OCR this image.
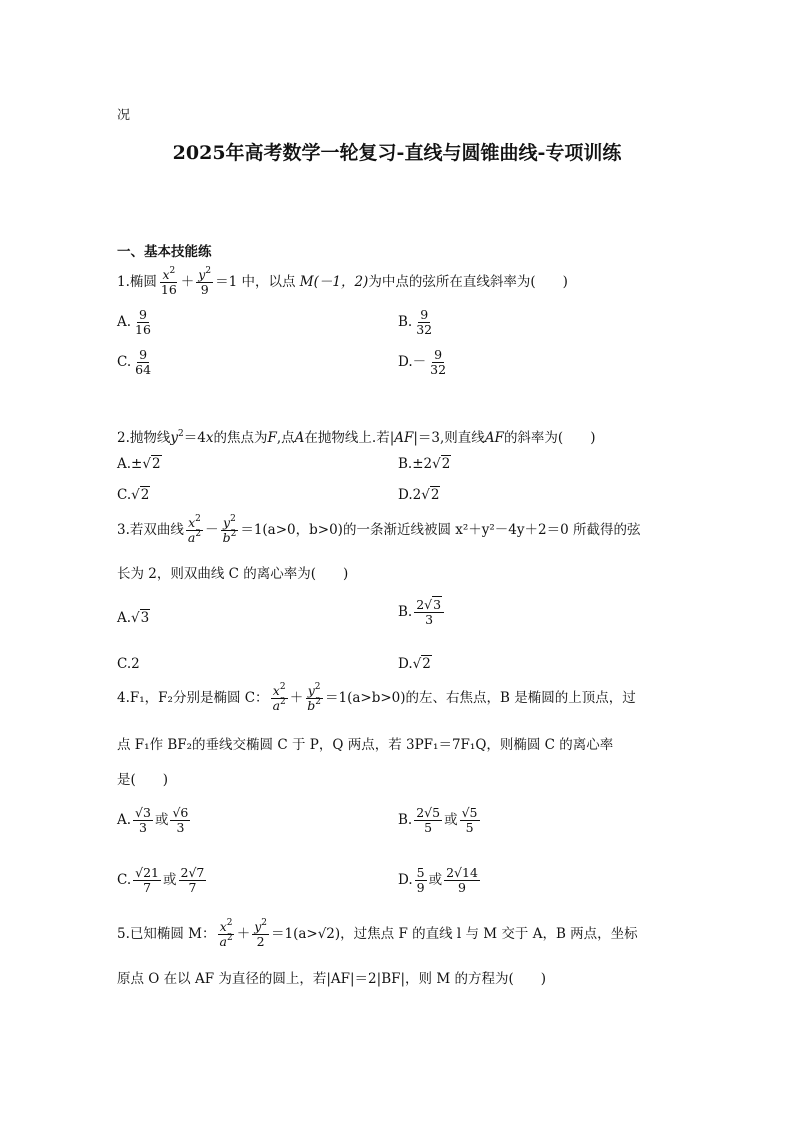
况
2025年高考数学一轮复习-直线与圆锥曲线-专项训练
一、基本技能练
1.椭圆 $\frac{x^2}{16} + \frac{y^2}{9} =1$ 中，以点 M(－1，2)为中点的弦所在直线斜率为(　　)
A. $\frac{9}{16}$	B. $\frac{9}{32}$
C. $\frac{9}{64}$	$D.- \frac{9}{32}$
2.抛物线$y^2=4x$的焦点为F,点A在抛物线上.若|AF|＝3,则直线AF的斜率为(　　)
A.±√2	B.±2√2
C.√2	D.2√2
3.若双曲线 $\frac{x^2}{a^2} - \frac{y^2}{b^2} =1(a>0$，b>0)的一条渐近线被圆 x²＋y²－4y＋2＝0 所截得的弦
长为 2，则双曲线 C 的离心率为(　　)
A.√3	B. $\frac{2√3}{3}$
C.2	D.√2
4.F₁，F₂分别是椭圆 C： $\frac{x^2}{a^2} + \frac{y^2}{b^2} =1(a>b>0)$的左、右焦点，B 是椭圆的上顶点，过
点 F₁作 BF₂的垂线交椭圆 C 于 P，Q 两点，若 3PF₁＝7F₁Q，则椭圆 C 的离心率
是(　　)
A. $\frac{√3}{3}$ 或 $\frac{√6}{3}$	B. $\frac{2√5}{5}$ 或 $\frac{√5}{5}$
C. $\frac{√21}{7}$ 或 $\frac{2√7}{7}$	D. $\frac{5}{9}$ 或 $\frac{2√14}{9}$
5.已知椭圆 M： $\frac{x^2}{a^2} + \frac{y^2}{2} =1(a>√2)$，过焦点 F 的直线 l 与 M 交于 A，B 两点，坐标
原点 O 在以 AF 为直径的圆上，若|AF|＝2|BF|，则 M 的方程为(　　)
